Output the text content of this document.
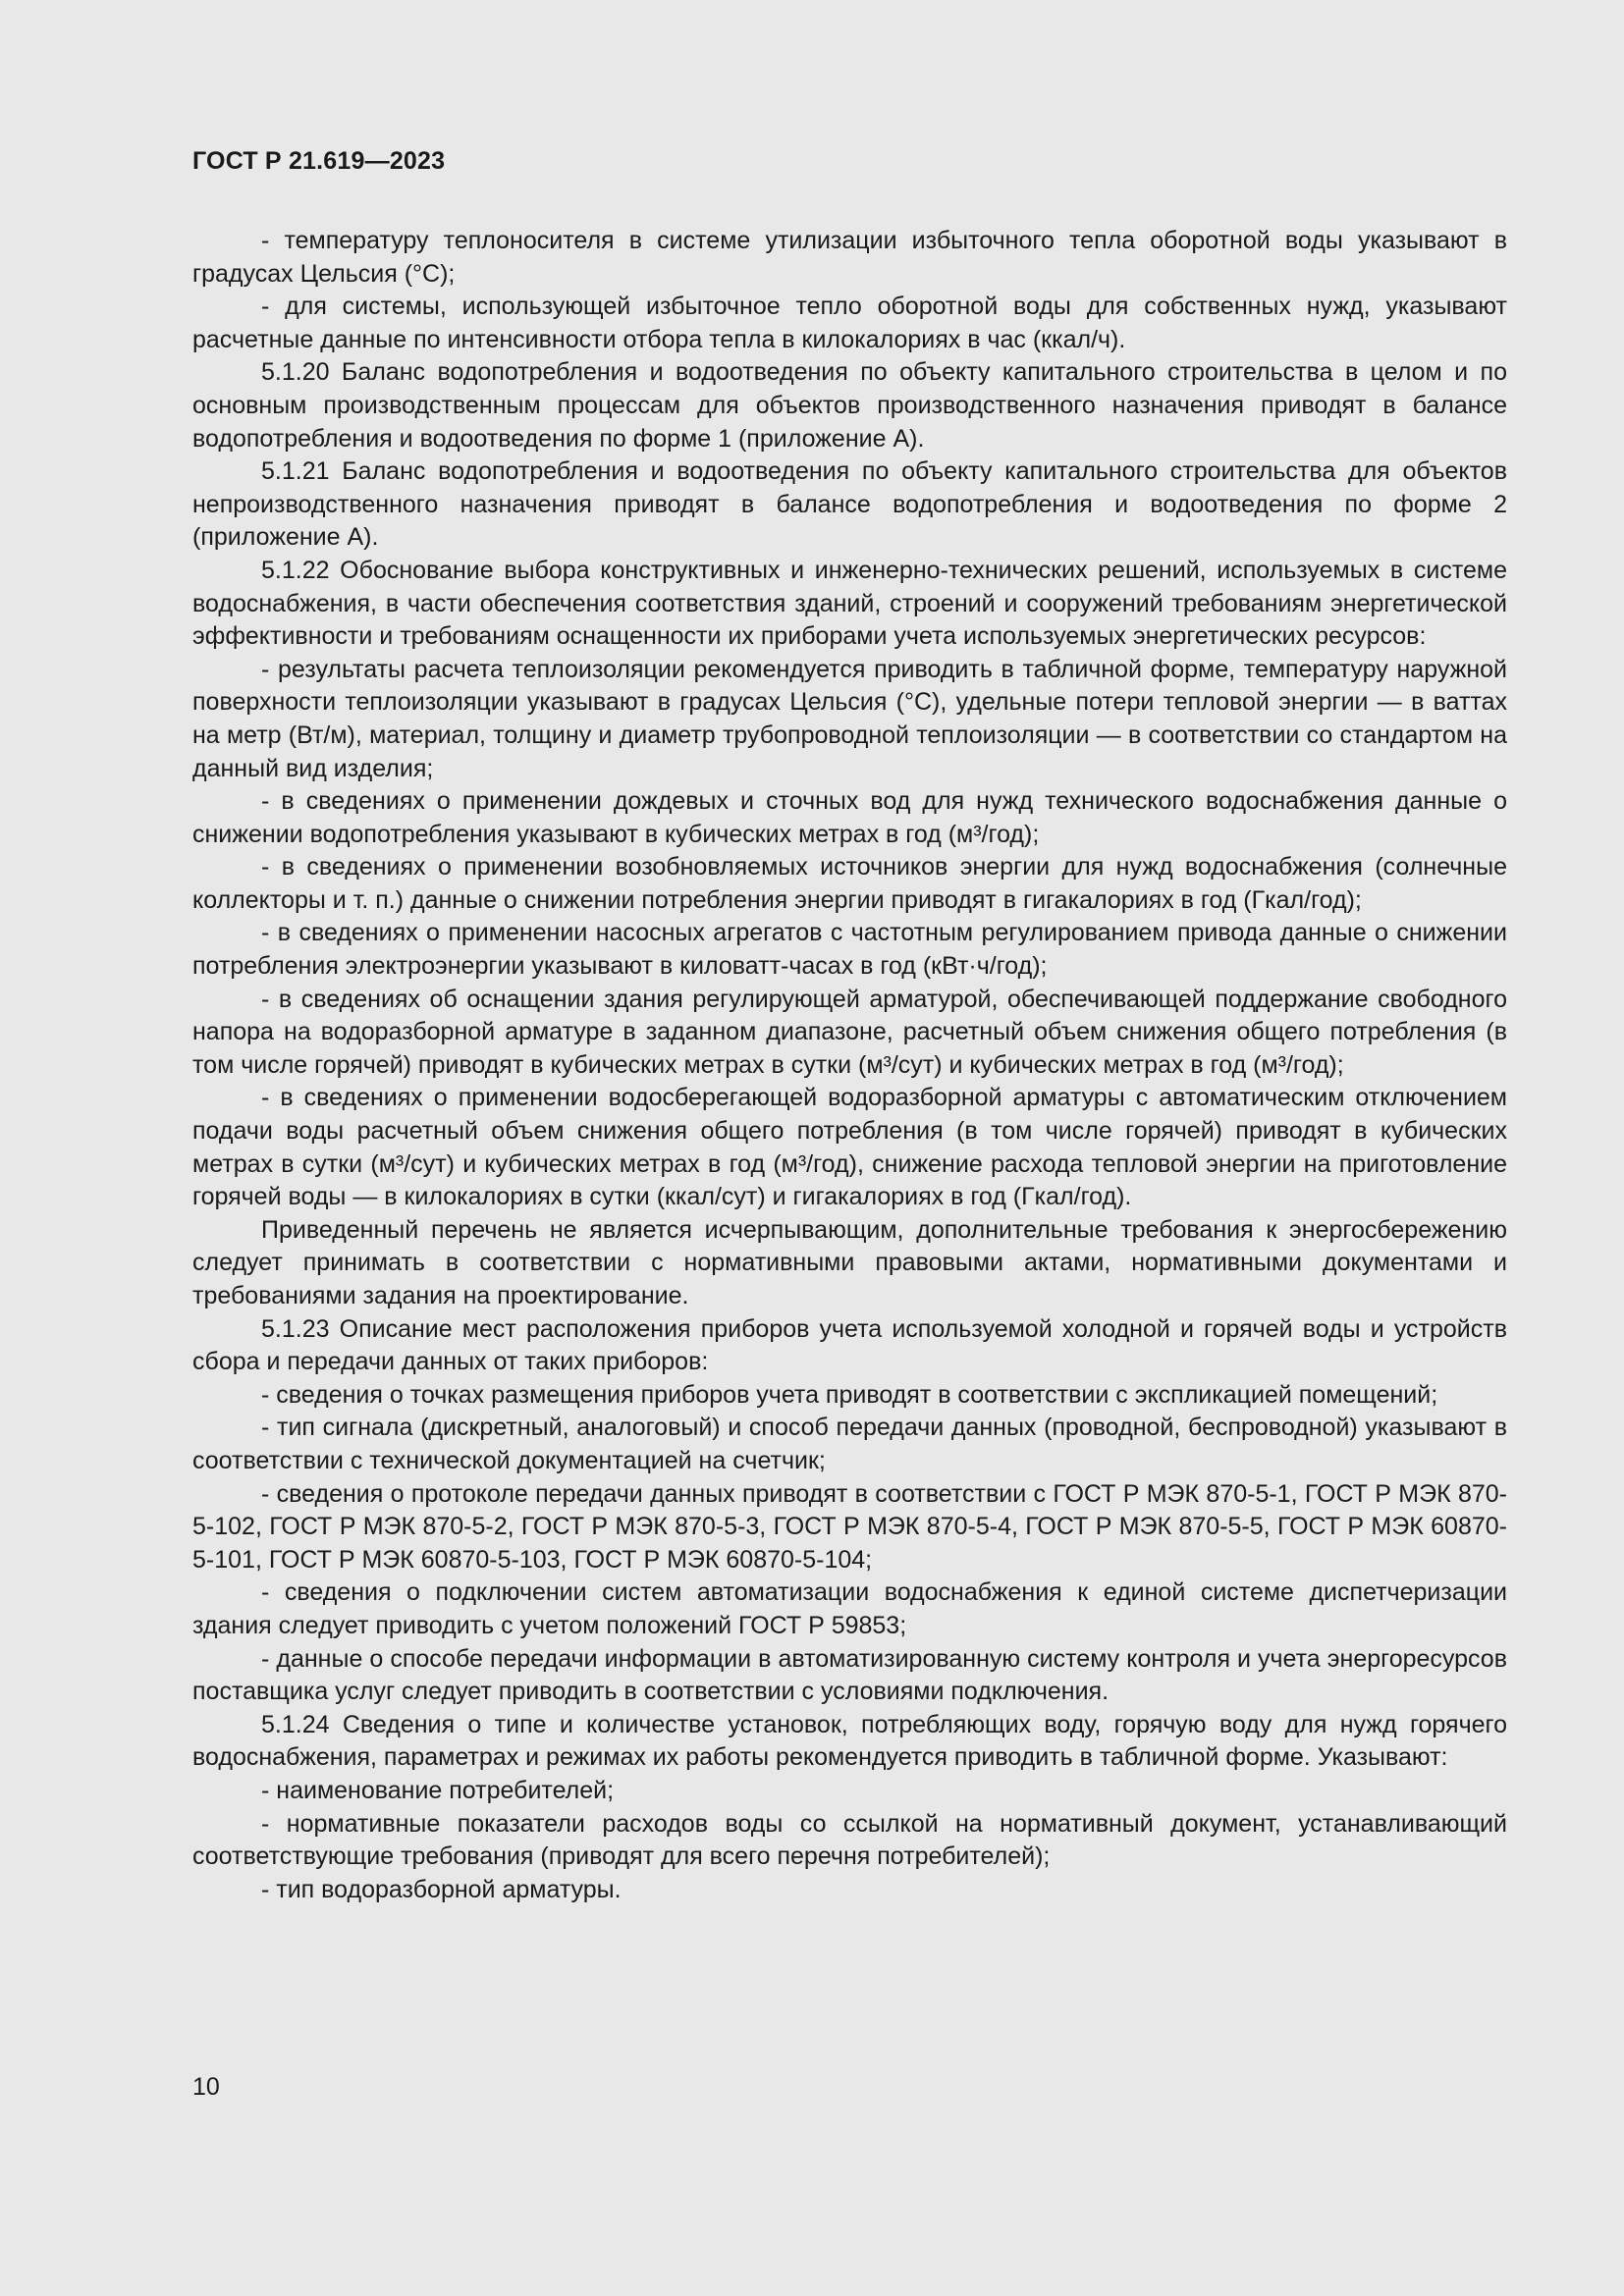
ГОСТ Р 21.619—2023

- температуру теплоносителя в системе утилизации избыточного тепла оборотной воды указывают в градусах Цельсия (°С);

- для системы, использующей избыточное тепло оборотной воды для собственных нужд, указывают расчетные данные по интенсивности отбора тепла в килокалориях в час (ккал/ч).

5.1.20 Баланс водопотребления и водоотведения по объекту капитального строительства в целом и по основным производственным процессам для объектов производственного назначения приводят в балансе водопотребления и водоотведения по форме 1 (приложение А).

5.1.21 Баланс водопотребления и водоотведения по объекту капитального строительства для объектов непроизводственного назначения приводят в балансе водопотребления и водоотведения по форме 2 (приложение А).

5.1.22 Обоснование выбора конструктивных и инженерно-технических решений, используемых в системе водоснабжения, в части обеспечения соответствия зданий, строений и сооружений требованиям энергетической эффективности и требованиям оснащенности их приборами учета используемых энергетических ресурсов:

- результаты расчета теплоизоляции рекомендуется приводить в табличной форме, температуру наружной поверхности теплоизоляции указывают в градусах Цельсия (°С), удельные потери тепловой энергии — в ваттах на метр (Вт/м), материал, толщину и диаметр трубопроводной теплоизоляции — в соответствии со стандартом на данный вид изделия;

- в сведениях о применении дождевых и сточных вод для нужд технического водоснабжения данные о снижении водопотребления указывают в кубических метрах в год (м³/год);

- в сведениях о применении возобновляемых источников энергии для нужд водоснабжения (солнечные коллекторы и т. п.) данные о снижении потребления энергии приводят в гигакалориях в год (Гкал/год);

- в сведениях о применении насосных агрегатов с частотным регулированием привода данные о снижении потребления электроэнергии указывают в киловатт-часах в год (кВт·ч/год);

- в сведениях об оснащении здания регулирующей арматурой, обеспечивающей поддержание свободного напора на водоразборной арматуре в заданном диапазоне, расчетный объем снижения общего потребления (в том числе горячей) приводят в кубических метрах в сутки (м³/сут) и кубических метрах в год (м³/год);

- в сведениях о применении водосберегающей водоразборной арматуры с автоматическим отключением подачи воды расчетный объем снижения общего потребления (в том числе горячей) приводят в кубических метрах в сутки (м³/сут) и кубических метрах в год (м³/год), снижение расхода тепловой энергии на приготовление горячей воды — в килокалориях в сутки (ккал/сут) и гигакалориях в год (Гкал/год).

Приведенный перечень не является исчерпывающим, дополнительные требования к энергосбережению следует принимать в соответствии с нормативными правовыми актами, нормативными документами и требованиями задания на проектирование.

5.1.23 Описание мест расположения приборов учета используемой холодной и горячей воды и устройств сбора и передачи данных от таких приборов:

- сведения о точках размещения приборов учета приводят в соответствии с экспликацией помещений;

- тип сигнала (дискретный, аналоговый) и способ передачи данных (проводной, беспроводной) указывают в соответствии с технической документацией на счетчик;

- сведения о протоколе передачи данных приводят в соответствии с ГОСТ Р МЭК 870-5-1, ГОСТ Р МЭК 870-5-102, ГОСТ Р МЭК 870-5-2, ГОСТ Р МЭК 870-5-3, ГОСТ Р МЭК 870-5-4, ГОСТ Р МЭК 870-5-5, ГОСТ Р МЭК 60870-5-101, ГОСТ Р МЭК 60870-5-103, ГОСТ Р МЭК 60870-5-104;

- сведения о подключении систем автоматизации водоснабжения к единой системе диспетчеризации здания следует приводить с учетом положений ГОСТ Р 59853;

- данные о способе передачи информации в автоматизированную систему контроля и учета энергоресурсов поставщика услуг следует приводить в соответствии с условиями подключения.

5.1.24 Сведения о типе и количестве установок, потребляющих воду, горячую воду для нужд горячего водоснабжения, параметрах и режимах их работы рекомендуется приводить в табличной форме. Указывают:

- наименование потребителей;

- нормативные показатели расходов воды со ссылкой на нормативный документ, устанавливающий соответствующие требования (приводят для всего перечня потребителей);

- тип водоразборной арматуры.

10
